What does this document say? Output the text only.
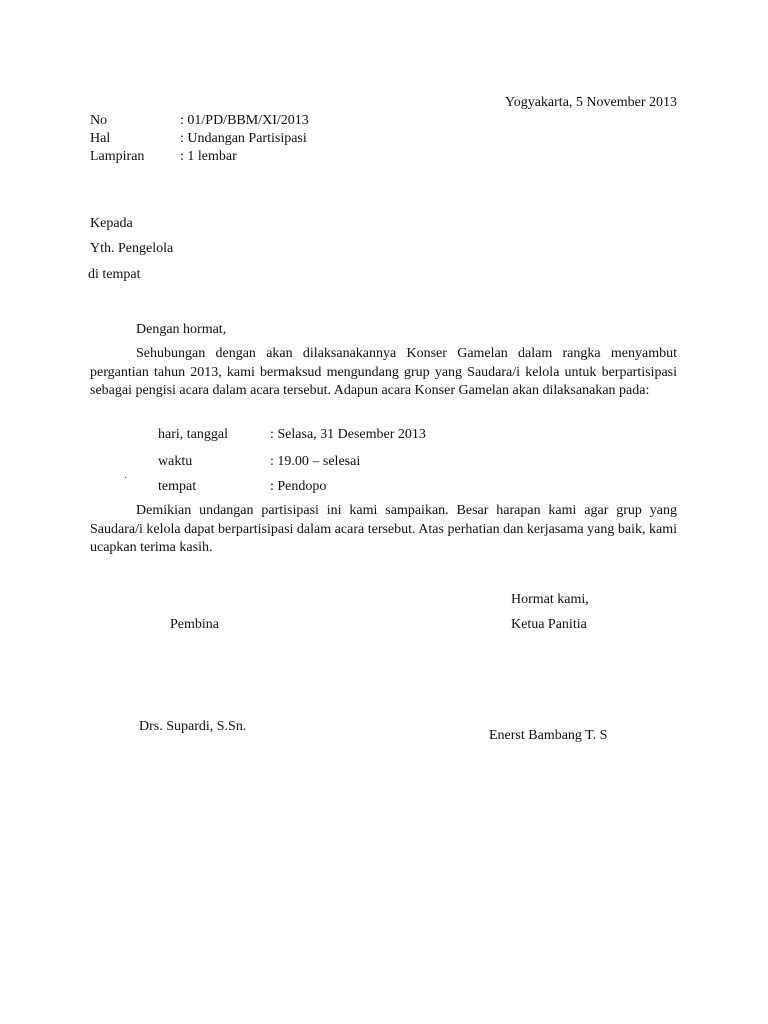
Yogyakarta, 5 November 2013
No	: 01/PD/BBM/XI/2013
Hal	: Undangan Partisipasi
Lampiran	: 1 lembar
Kepada
Yth. Pengelola
di tempat
Dengan hormat,
Sehubungan dengan akan dilaksanakannya Konser Gamelan dalam rangka menyambut pergantian tahun 2013, kami bermaksud mengundang grup yang Saudara/i kelola untuk berpartisipasi sebagai pengisi acara dalam acara tersebut. Adapun acara Konser Gamelan akan dilaksanakan pada:
hari, tanggal	: Selasa, 31 Desember 2013
waktu	: 19.00 – selesai
˙ tempat	: Pendopo
Demikian undangan partisipasi ini kami sampaikan. Besar harapan kami agar grup yang Saudara/i kelola dapat berpartisipasi dalam acara tersebut. Atas perhatian dan kerjasama yang baik, kami ucapkan terima kasih.
Hormat kami,
Pembina	Ketua Panitia
Drs. Supardi, S.Sn.
Enerst Bambang T. S
